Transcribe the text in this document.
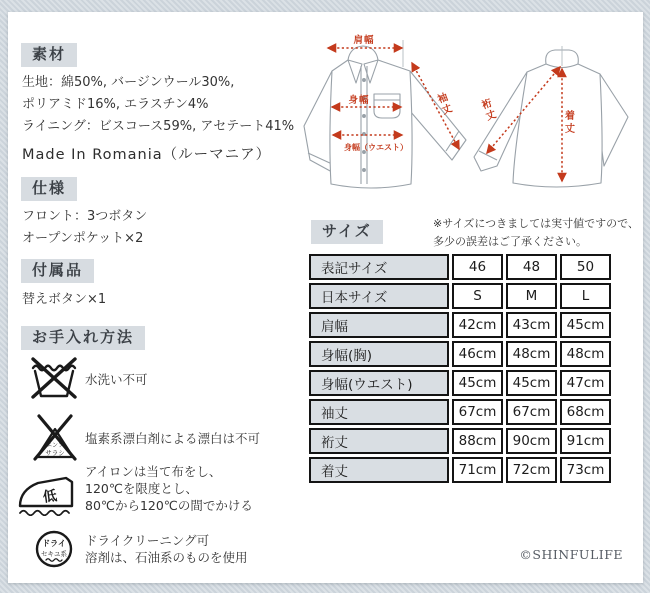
素材
生地：綿50%, バージンウール30%,
ポリアミド16%, エラスチン4%
ライニング：ビスコース59%, アセテート41%
Made In Romania（ルーマニア）
仕様
フロント：3つボタン
オープンポケット×2
付属品
替えボタン×1
お手入れ方法
水洗い不可
エンソ
サラシ
塩素系漂白剤による漂白は不可
低
アイロンは当て布をし、
120℃を限度とし、
80℃から120℃の間でかける
ドライ
セキユ系
ドライクリーニング可
溶剤は、石油系のものを使用
肩幅
身幅
身幅（ウエスト）
袖
丈	裄
丈	着
丈
サイズ	※サイズにつきましては実寸値ですので、
多少の誤差はご了承ください。
表記サイズ	46	48	50
日本サイズ	S	M	L
肩幅	42cm	43cm	45cm
身幅(胸)	46cm	48cm	48cm
身幅(ウエスト)	45cm	45cm	47cm
袖丈	67cm	67cm	68cm
裄丈	88cm	90cm	91cm
着丈	71cm	72cm	73cm
©SHINFULIFE
